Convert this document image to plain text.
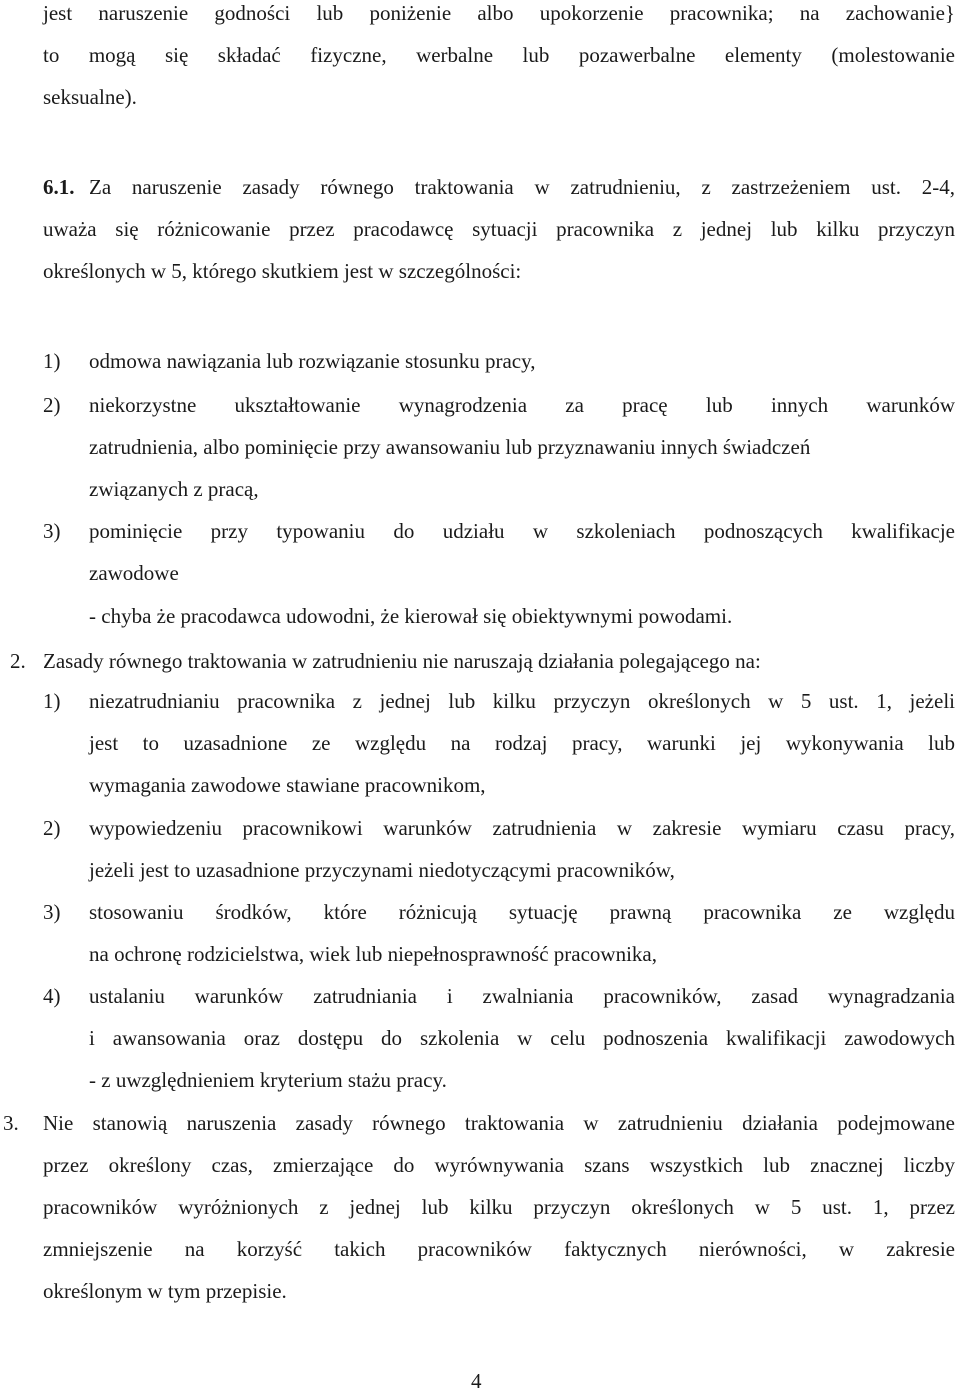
jest naruszenie godności lub poniżenie albo upokorzenie pracownika; na zachowanie}
to mogą się składać fizyczne, werbalne lub pozawerbalne elementy (molestowanie
seksualne).
6.1. Za naruszenie zasady równego traktowania w zatrudnieniu, z zastrzeżeniem ust. 2-4,
uważa się różnicowanie przez pracodawcę sytuacji pracownika z jednej lub kilku przyczyn
określonych w 5, którego skutkiem jest w szczególności:
1) odmowa nawiązania lub rozwiązanie stosunku pracy,
2) niekorzystne ukształtowanie wynagrodzenia za pracę lub innych warunków
zatrudnienia, albo pominięcie przy awansowaniu lub przyznawaniu innych świadczeń
związanych z pracą,
3) pominięcie przy typowaniu do udziału w szkoleniach podnoszących kwalifikacje
zawodowe
- chyba że pracodawca udowodni, że kierował się obiektywnymi powodami.
2. Zasady równego traktowania w zatrudnieniu nie naruszają działania polegającego na:
1) niezatrudnianiu pracownika z jednej lub kilku przyczyn określonych w 5 ust. 1, jeżeli
jest to uzasadnione ze względu na rodzaj pracy, warunki jej wykonywania lub
wymagania zawodowe stawiane pracownikom,
2) wypowiedzeniu pracownikowi warunków zatrudnienia w zakresie wymiaru czasu pracy,
jeżeli jest to uzasadnione przyczynami niedotyczącymi pracowników,
3) stosowaniu środków, które różnicują sytuację prawną pracownika ze względu
na ochronę rodzicielstwa, wiek lub niepełnosprawność pracownika,
4) ustalaniu warunków zatrudniania i zwalniania pracowników, zasad wynagradzania
i awansowania oraz dostępu do szkolenia w celu podnoszenia kwalifikacji zawodowych
- z uwzględnieniem kryterium stażu pracy.
3. Nie stanowią naruszenia zasady równego traktowania w zatrudnieniu działania podejmowane
przez określony czas, zmierzające do wyrównywania szans wszystkich lub znacznej liczby
pracowników wyróżnionych z jednej lub kilku przyczyn określonych w 5 ust. 1, przez
zmniejszenie na korzyść takich pracowników faktycznych nierówności, w zakresie
określonym w tym przepisie.
4
